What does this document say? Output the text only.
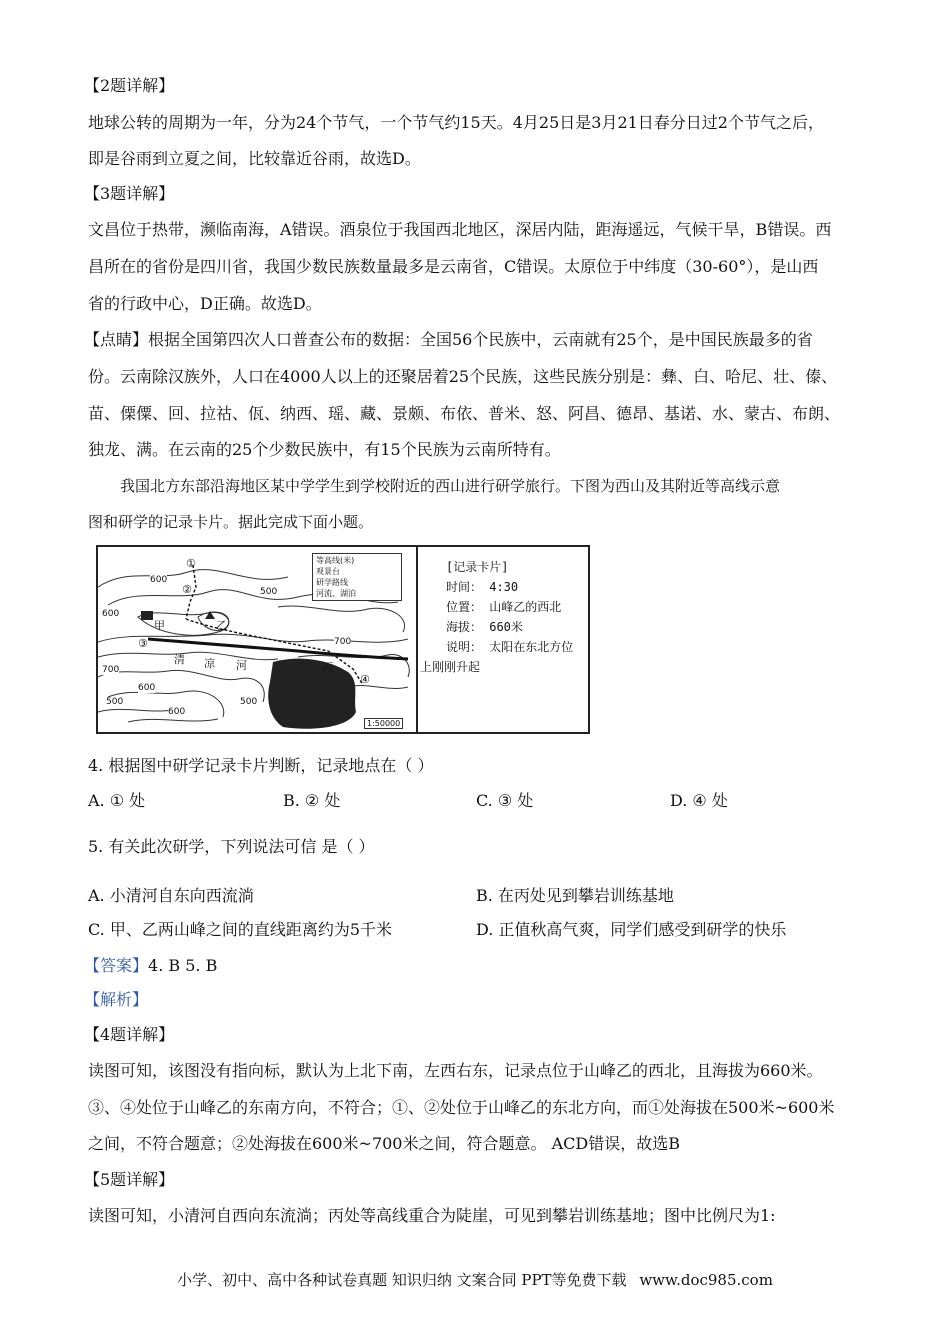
【2题详解】
地球公转的周期为一年，分为24个节气，一个节气约15天。4月25日是3月21日春分日过2个节气之后，
即是谷雨到立夏之间，比较靠近谷雨，故选D。
【3题详解】
文昌位于热带，濒临南海，A错误。酒泉位于我国西北地区，深居内陆，距海遥远，气候干旱，B错误。西
昌所在的省份是四川省，我国少数民族数量最多是云南省，C错误。太原位于中纬度（30-60°），是山西
省的行政中心，D正确。故选D。
【点睛】根据全国第四次人口普查公布的数据：全国56个民族中，云南就有25个，是中国民族最多的省
份。云南除汉族外，人口在4000人以上的还聚居着25个民族，这些民族分别是：彝、白、哈尼、壮、傣、
苗、傈僳、回、拉祜、佤、纳西、瑶、藏、景颇、布依、普米、怒、阿昌、德昂、基诺、水、蒙古、布朗、
独龙、满。在云南的25个少数民族中，有15个民族为云南所特有。
我国北方东部沿海地区某中学学生到学校附近的西山进行研学旅行。下图为西山及其附近等高线示意
图和研学的记录卡片。据此完成下面小题。
600
500
600
700
600
500
600
500
700
①
②
③
④
甲	乙
清 凉 河	丙
等高线(米)
观景台
研学路线
河流、湖泊
1:50000
[记录卡片]
时间： 4:30
位置： 山峰乙的西北
海拔： 660米
说明： 太阳在东北方位
上刚刚升起
4. 根据图中研学记录卡片判断，记录地点在（ ）
A. ① 处	B. ② 处	C. ③ 处	D. ④ 处
5. 有关此次研学，下列说法可信 是（ ）
A. 小清河自东向西流淌	B. 在丙处见到攀岩训练基地
C. 甲、乙两山峰之间的直线距离约为5千米	D. 正值秋高气爽，同学们感受到研学的快乐
【答案】4. B 5. B
【解析】
【4题详解】
读图可知，该图没有指向标，默认为上北下南，左西右东，记录点位于山峰乙的西北，且海拔为660米。
③、④处位于山峰乙的东南方向，不符合；①、②处位于山峰乙的东北方向，而①处海拔在500米~600米
之间，不符合题意；②处海拔在600米~700米之间，符合题意。 ACD错误，故选B
【5题详解】
读图可知，小清河自西向东流淌；丙处等高线重合为陡崖，可见到攀岩训练基地；图中比例尺为1:
小学、初中、高中各种试卷真题 知识归纳 文案合同 PPT等免费下载 www.doc985.com
